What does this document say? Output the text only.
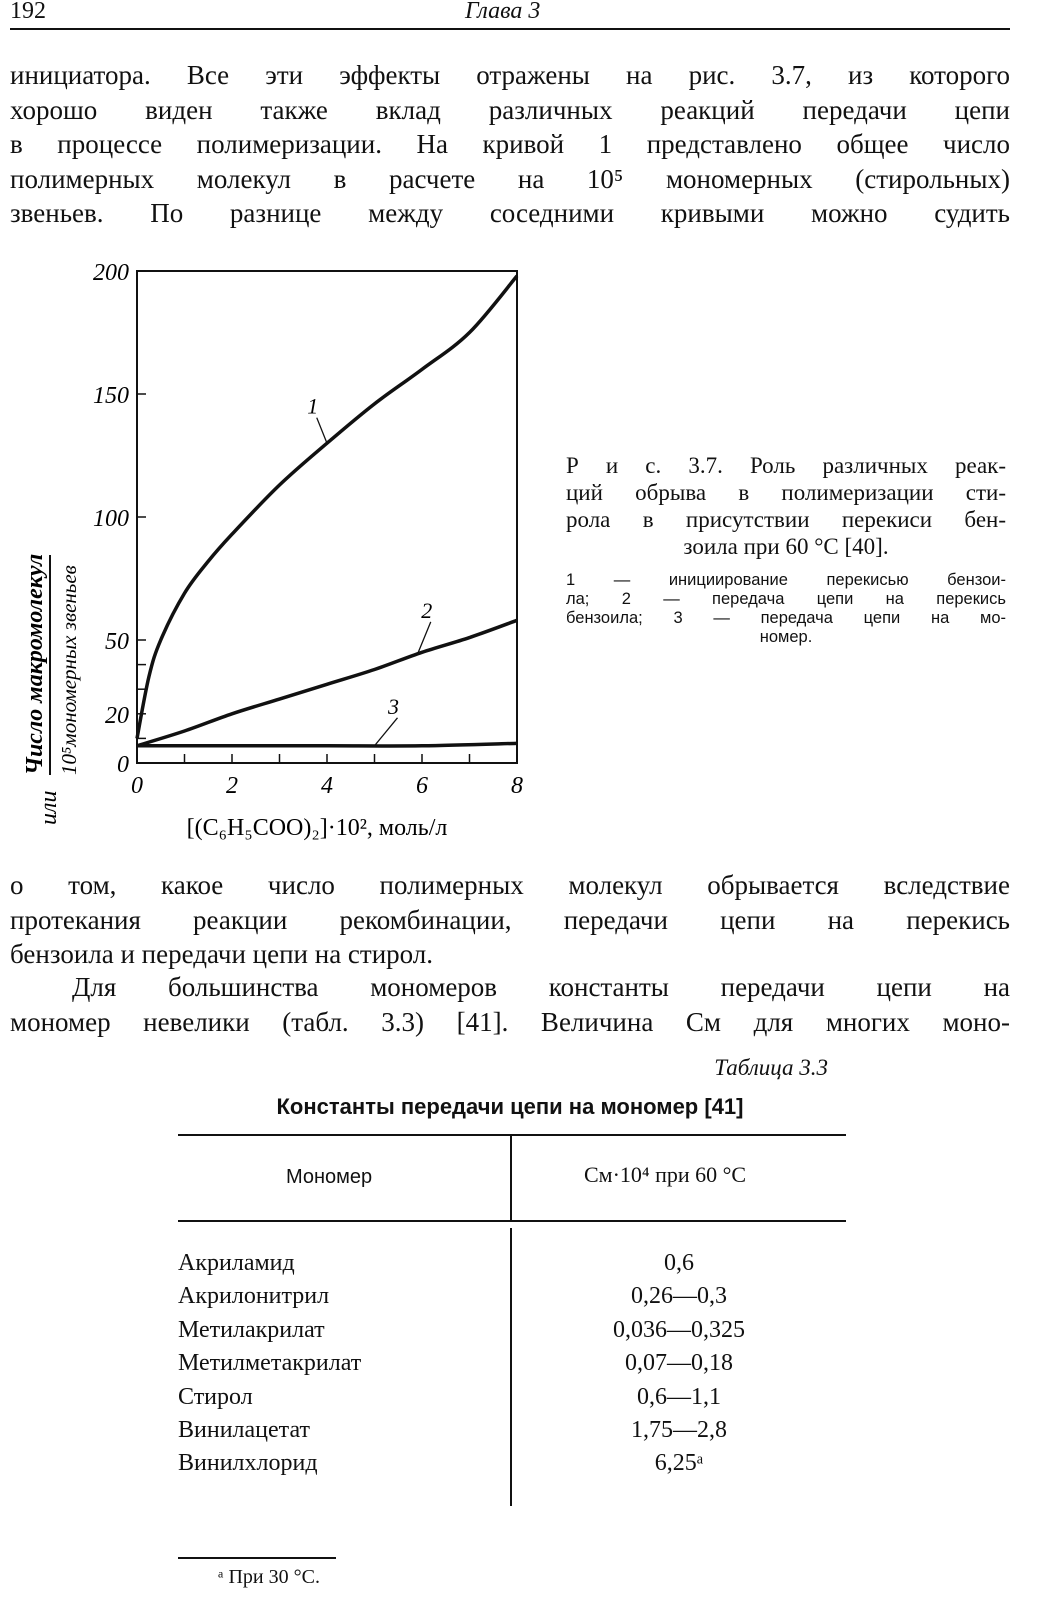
192	Глава 3
инициатора. Все эти эффекты отражены на рис. 3.7, из которого
хорошо виден также вклад различных реакций передачи цепи
в процессе полимеризации. На кривой 1 представлено общее число
полимерных молекул в расчете на 10⁵ мономерных (стирольных)
звеньев. По разнице между соседними кривыми можно судить
или
Число макромолекул 10⁵мономерных звеньев
0	2	4	6	8
0
20
50
100
150
200
1
2
3
[(C₆H₅COO)₂]·10², моль/л
Р и с. 3.7. Роль различных реак-
ций обрыва в полимеризации сти-
рола в присутствии перекиси бен-
зоила при 60 °С [40].
1 — инициирование перекисью бензои-
ла; 2 — передача цепи на перекись
бензоила; 3 — передача цепи на мо-
номер.
о том, какое число полимерных молекул обрывается вследствие
протекания реакции рекомбинации, передачи цепи на перекись
бензоила и передачи цепи на стирол.
Для большинства мономеров константы передачи цепи на
мономер невелики (табл. 3.3) [41]. Величина Cм для многих моно-
Таблица 3.3
Константы передачи цепи на мономер [41]
Мономер	Cм·10⁴ при 60 °С
Акриламид	0,6
Акрилонитрил	0,26—0,3
Метилакрилат	0,036—0,325
Метилметакрилат	0,07—0,18
Стирол	0,6—1,1
Винилацетат	1,75—2,8
Винилхлорид	6,25ᵃ
ᵃ При 30 °С.
